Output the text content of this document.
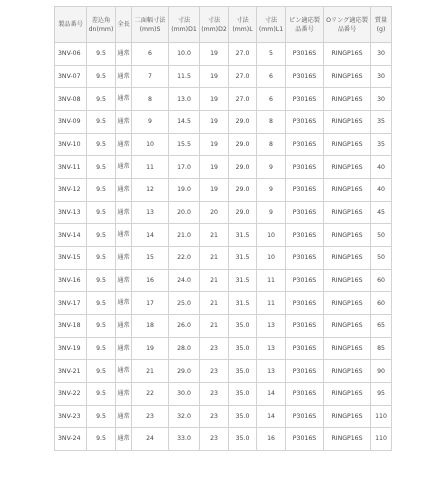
製品番号	差込角dn(mm)	全長	二面幅寸法(mm)S	寸法(mm)D1	寸法(mm)D2	寸法(mm)L	寸法(mm)L1	ピン適応製品番号	Oリング適応製品番号	質量(g)
3NV-06	9.5	通常	6	10.0	19	27.0	5	P3016S	RINGP16S	30
3NV-07	9.5	通常	7	11.5	19	27.0	6	P3016S	RINGP16S	30
3NV-08	9.5	通常	8	13.0	19	27.0	6	P3016S	RINGP16S	30
3NV-09	9.5	通常	9	14.5	19	29.0	8	P3016S	RINGP16S	35
3NV-10	9.5	通常	10	15.5	19	29.0	8	P3016S	RINGP16S	35
3NV-11	9.5	通常	11	17.0	19	29.0	9	P3016S	RINGP16S	40
3NV-12	9.5	通常	12	19.0	19	29.0	9	P3016S	RINGP16S	40
3NV-13	9.5	通常	13	20.0	20	29.0	9	P3016S	RINGP16S	45
3NV-14	9.5	通常	14	21.0	21	31.5	10	P3016S	RINGP16S	50
3NV-15	9.5	通常	15	22.0	21	31.5	10	P3016S	RINGP16S	50
3NV-16	9.5	通常	16	24.0	21	31.5	11	P3016S	RINGP16S	60
3NV-17	9.5	通常	17	25.0	21	31.5	11	P3016S	RINGP16S	60
3NV-18	9.5	通常	18	26.0	21	35.0	13	P3016S	RINGP16S	65
3NV-19	9.5	通常	19	28.0	23	35.0	13	P3016S	RINGP16S	85
3NV-21	9.5	通常	21	29.0	23	35.0	13	P3016S	RINGP16S	90
3NV-22	9.5	通常	22	30.0	23	35.0	14	P3016S	RINGP16S	95
3NV-23	9.5	通常	23	32.0	23	35.0	14	P3016S	RINGP16S	110
3NV-24	9.5	通常	24	33.0	23	35.0	16	P3016S	RINGP16S	110
